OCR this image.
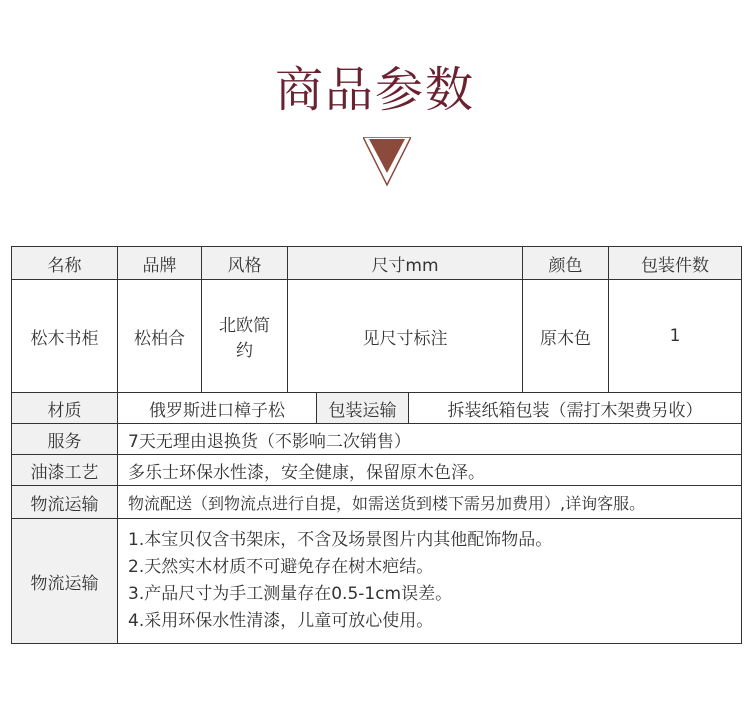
商品参数
名称	品牌	风格	尺寸mm			颜色	包装件数
松木书柜	松柏合	北欧简约	见尺寸标注			原木色	1
材质	俄罗斯进口樟子松			包装运输	拆装纸箱包装（需打木架费另收）		
服务	7天无理由退换货（不影响二次销售）						
油漆工艺	多乐士环保水性漆，安全健康，保留原木色泽。						
物流运输	物流配送（到物流点进行自提，如需送货到楼下需另加费用）,详询客服。						
物流运输	1.本宝贝仅含书架床，不含及场景图片内其他配饰物品。
2.天然实木材质不可避免存在树木疤结。
3.产品尺寸为手工测量存在0.5-1cm误差。
4.采用环保水性清漆，儿童可放心使用。						
